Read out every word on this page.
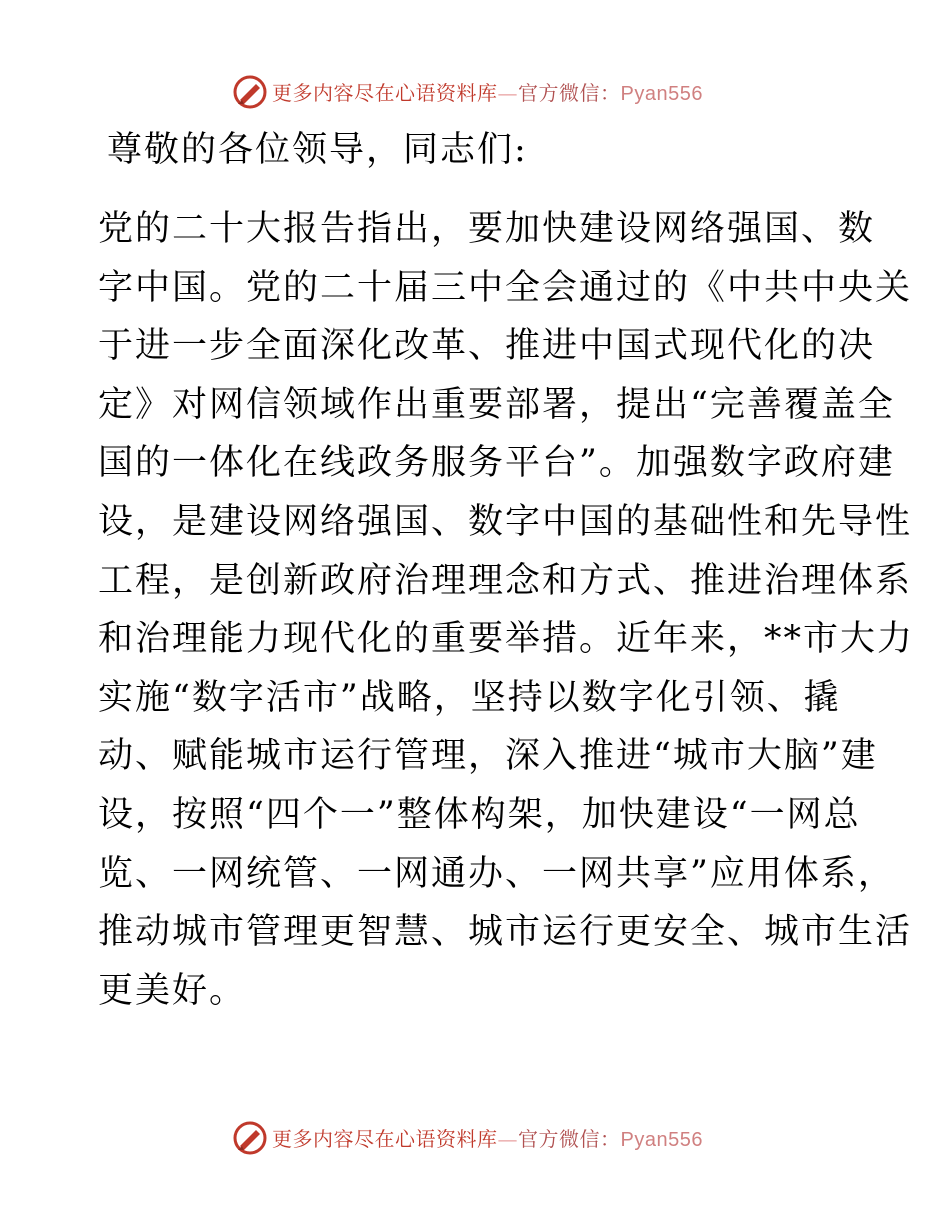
更多内容尽在心语资料库—官方微信：Pyan556
尊敬的各位领导，同志们:
党的二十大报告指出，要加快建设网络强国、数
字中国。党的二十届三中全会通过的《中共中央关
于进一步全面深化改革、推进中国式现代化的决
定》对网信领域作出重要部署，提出“完善覆盖全
国的一体化在线政务服务平台”。加强数字政府建
设，是建设网络强国、数字中国的基础性和先导性
工程，是创新政府治理理念和方式、推进治理体系
和治理能力现代化的重要举措。近年来，**市大力
实施“数字活市”战略，坚持以数字化引领、撬
动、赋能城市运行管理，深入推进“城市大脑”建
设，按照“四个一”整体构架，加快建设“一网总
览、一网统管、一网通办、一网共享”应用体系，
推动城市管理更智慧、城市运行更安全、城市生活
更美好。
更多内容尽在心语资料库—官方微信：Pyan556
